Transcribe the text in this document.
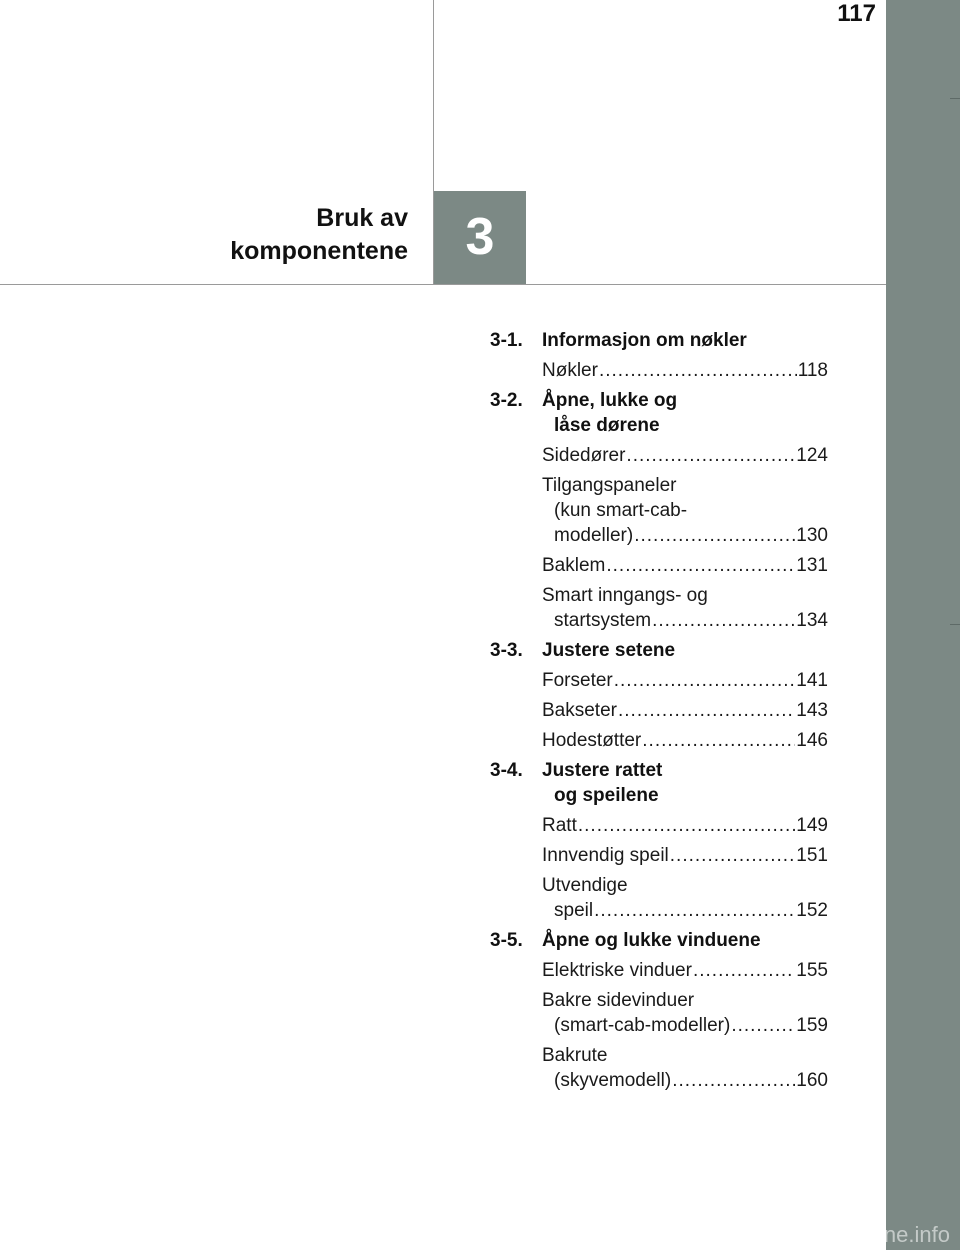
117
Bruk av
komponentene	3
3-1.	Informasjon om nøkler
Nøkler .....	118
3-2.	Åpne, lukke og
låse dørene
Sidedører .....	124
Tilgangspaneler
(kun smart-cab-
modeller) .....	130
Baklem .....	131
Smart inngangs- og
startsystem .....	134
3-3.	Justere setene
Forseter .....	141
Bakseter .....	143
Hodestøtter .....	146
3-4.	Justere rattet
og speilene
Ratt .....	149
Innvendig speil .....	151
Utvendige
speil .....	152
3-5.	Åpne og lukke vinduene
Elektriske vinduer .....	155
Bakre sidevinduer
(smart-cab-modeller) .....	159
Bakrute
(skyvemodell) .....	160
carmanualsonline.info
